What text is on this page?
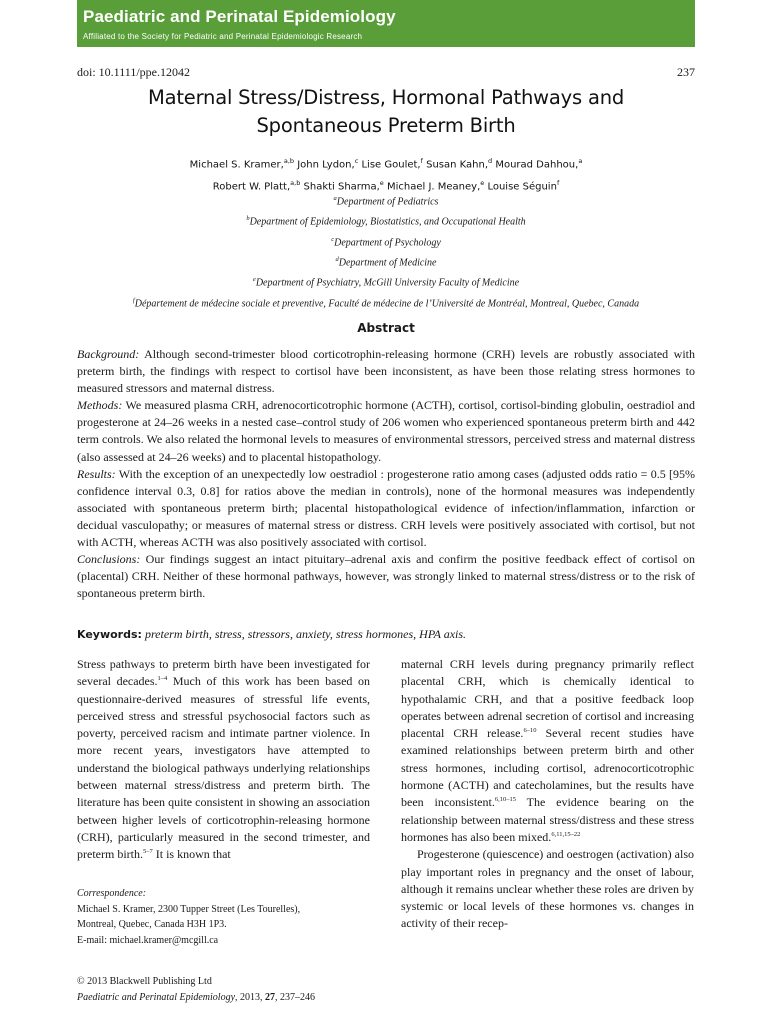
Paediatric and Perinatal Epidemiology
Affiliated to the Society for Pediatric and Perinatal Epidemiologic Research
doi: 10.1111/ppe.12042	237
Maternal Stress/Distress, Hormonal Pathways and
Spontaneous Preterm Birth
Michael S. Kramer,$^{a,b}$ John Lydon,$^c$ Lise Goulet,$^f$ Susan Kahn,$^d$ Mourad Dahhou,$^a$
Robert W. Platt,$^{a,b}$ Shakti Sharma,$^e$ Michael J. Meaney,$^e$ Louise Séguin$^f$
$^a$Department of Pediatrics
$^b$Department of Epidemiology, Biostatistics, and Occupational Health
$^c$Department of Psychology
$^d$Department of Medicine
$^e$Department of Psychiatry, McGill University Faculty of Medicine
$^f$Département de médecine sociale et preventive, Faculté de médecine de l’Université de Montréal, Montreal, Quebec, Canada
Abstract

Background: Although second-trimester blood corticotrophin-releasing hormone (CRH) levels are robustly associated with preterm birth, the findings with respect to cortisol have been inconsistent, as have been those relating stress hormones to measured stressors and maternal distress.

Methods: We measured plasma CRH, adrenocorticotrophic hormone (ACTH), cortisol, cortisol-binding globulin, oestradiol and progesterone at 24–26 weeks in a nested case–control study of 206 women who experienced spontaneous preterm birth and 442 term controls. We also related the hormonal levels to measures of environmental stressors, perceived stress and maternal distress (also assessed at 24–26 weeks) and to placental histopathology.

Results: With the exception of an unexpectedly low oestradiol : progesterone ratio among cases (adjusted odds ratio = 0.5 [95% confidence interval 0.3, 0.8] for ratios above the median in controls), none of the hormonal measures was independently associated with spontaneous preterm birth; placental histopathological evidence of infection/inflammation, infarction or decidual vasculopathy; or measures of maternal stress or distress. CRH levels were positively associated with cortisol, but not with ACTH, whereas ACTH was also positively associated with cortisol.

Conclusions: Our findings suggest an intact pituitary–adrenal axis and confirm the positive feedback effect of cortisol on (placental) CRH. Neither of these hormonal pathways, however, was strongly linked to maternal stress/distress or to the risk of spontaneous preterm birth.

Keywords: preterm birth, stress, stressors, anxiety, stress hormones, HPA axis.

Stress pathways to preterm birth have been investigated for several decades.$^{1-4}$ Much of this work has been based on questionnaire-derived measures of stressful life events, perceived stress and stressful psychosocial factors such as poverty, perceived racism and intimate partner violence. In more recent years, investigators have attempted to understand the biological pathways underlying relationships between maternal stress/distress and preterm birth. The literature has been quite consistent in showing an association between higher levels of corticotrophin-releasing hormone (CRH), particularly measured in the second trimester, and preterm birth.$^{5-7}$ It is known that

Correspondence:
Michael S. Kramer, 2300 Tupper Street (Les Tourelles),
Montreal, Quebec, Canada H3H 1P3.
E-mail: michael.kramer@mcgill.ca

maternal CRH levels during pregnancy primarily reflect placental CRH, which is chemically identical to hypothalamic CRH, and that a positive feedback loop operates between adrenal secretion of cortisol and increasing placental CRH release.$^{6-10}$ Several recent studies have examined relationships between preterm birth and other stress hormones, including cortisol, adrenocorticotrophic hormone (ACTH) and catecholamines, but the results have been inconsistent.$^{6,10-15}$ The evidence bearing on the relationship between maternal stress/distress and these stress hormones has also been mixed.$^{6,11,15-22}$

Progesterone (quiescence) and oestrogen (activation) also play important roles in pregnancy and the onset of labour, although it remains unclear whether these roles are driven by systemic or local levels of these hormones vs. changes in activity of their recep-

© 2013 Blackwell Publishing Ltd
Paediatric and Perinatal Epidemiology, 2013, 27, 237–246
